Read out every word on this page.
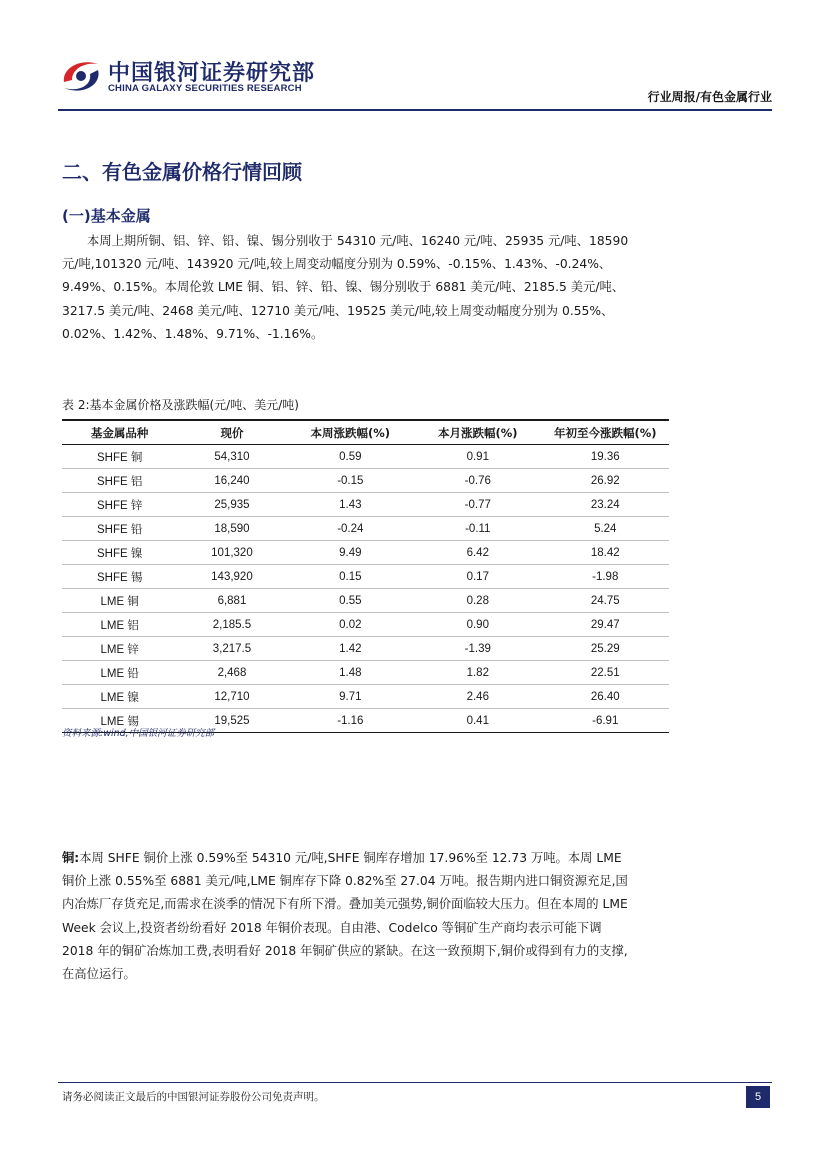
中国银河证券研究部
CHINA GALAXY SECURITIES RESEARCH
行业周报/有色金属行业
二、有色金属价格行情回顾
(一)基本金属
本周上期所铜、铝、锌、铅、镍、锡分别收于 54310 元/吨、16240 元/吨、25935 元/吨、18590 元/吨,101320 元/吨、143920 元/吨,较上周变动幅度分别为 0.59%、-0.15%、1.43%、-0.24%、9.49%、0.15%。本周伦敦 LME 铜、铝、锌、铅、镍、锡分别收于 6881 美元/吨、2185.5 美元/吨、3217.5 美元/吨、2468 美元/吨、12710 美元/吨、19525 美元/吨,较上周变动幅度分别为 0.55%、0.02%、1.42%、1.48%、9.71%、-1.16%。
表 2:基本金属价格及涨跌幅(元/吨、美元/吨)
基金属品种	现价	本周涨跌幅(%)	本月涨跌幅(%)	年初至今涨跌幅(%)
SHFE 铜	54,310	0.59	0.91	19.36
SHFE 铝	16,240	-0.15	-0.76	26.92
SHFE 锌	25,935	1.43	-0.77	23.24
SHFE 铅	18,590	-0.24	-0.11	5.24
SHFE 镍	101,320	9.49	6.42	18.42
SHFE 锡	143,920	0.15	0.17	-1.98
LME 铜	6,881	0.55	0.28	24.75
LME 铝	2,185.5	0.02	0.90	29.47
LME 锌	3,217.5	1.42	-1.39	25.29
LME 铅	2,468	1.48	1.82	22.51
LME 镍	12,710	9.71	2.46	26.40
LME 锡	19,525	-1.16	0.41	-6.91
资料来源:wind,中国银河证券研究部
铜:本周 SHFE 铜价上涨 0.59%至 54310 元/吨,SHFE 铜库存增加 17.96%至 12.73 万吨。本周 LME 铜价上涨 0.55%至 6881 美元/吨,LME 铜库存下降 0.82%至 27.04 万吨。报告期内进口铜资源充足,国内冶炼厂存货充足,而需求在淡季的情况下有所下滑。叠加美元强势,铜价面临较大压力。但在本周的 LME Week 会议上,投资者纷纷看好 2018 年铜价表现。自由港、Codelco 等铜矿生产商均表示可能下调 2018 年的铜矿冶炼加工费,表明看好 2018 年铜矿供应的紧缺。在这一致预期下,铜价或得到有力的支撑,在高位运行。
请务必阅读正文最后的中国银河证券股份公司免责声明。	5
